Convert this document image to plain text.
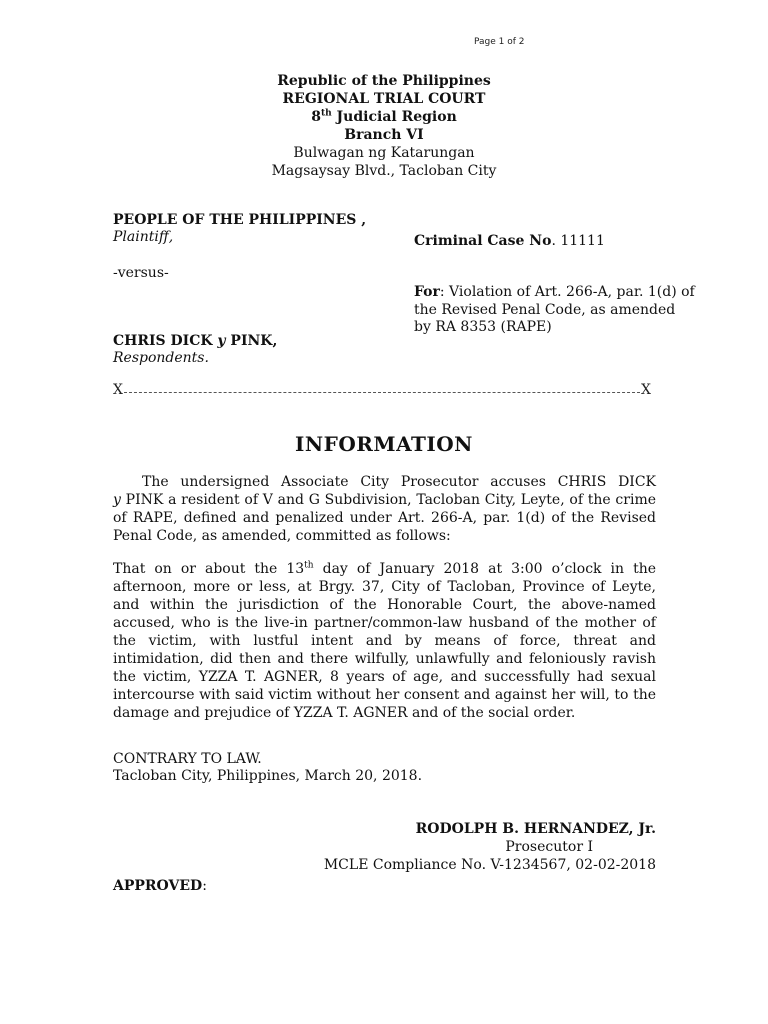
Page 1 of 2
Republic of the Philippines
REGIONAL TRIAL COURT
8th Judicial Region
Branch VI
Bulwagan ng Katarungan
Magsaysay Blvd., Tacloban City
PEOPLE OF THE PHILIPPINES ,
Plaintiff,	Criminal Case No. 11111
-versus-
For: Violation of Art. 266-A, par. 1(d) of
the Revised Penal Code, as amended
by RA 8353 (RAPE)
CHRIS DICK y PINK,
Respondents.
X	X
INFORMATION
The undersigned Associate City Prosecutor accuses CHRIS DICK
y PINK a resident of V and G Subdivision, Tacloban City, Leyte, of the crime of RAPE, defined and penalized under Art. 266-A, par. 1(d) of the Revised Penal Code, as amended, committed as follows:
That on or about the 13th day of January 2018 at 3:00 o’clock in the afternoon, more or less, at Brgy. 37, City of Tacloban, Province of Leyte, and within the jurisdiction of the Honorable Court, the above-named accused, who is the live-in partner/common-law husband of the mother of the victim, with lustful intent and by means of force, threat and intimidation, did then and there wilfully, unlawfully and feloniously ravish the victim, YZZA T. AGNER, 8 years of age, and successfully had sexual intercourse with said victim without her consent and against her will, to the damage and prejudice of YZZA T. AGNER and of the social order.
CONTRARY TO LAW.
Tacloban City, Philippines, March 20, 2018.
RODOLPH B. HERNANDEZ, Jr.
Prosecutor I
MCLE Compliance No. V-1234567, 02-02-2018
APPROVED:
